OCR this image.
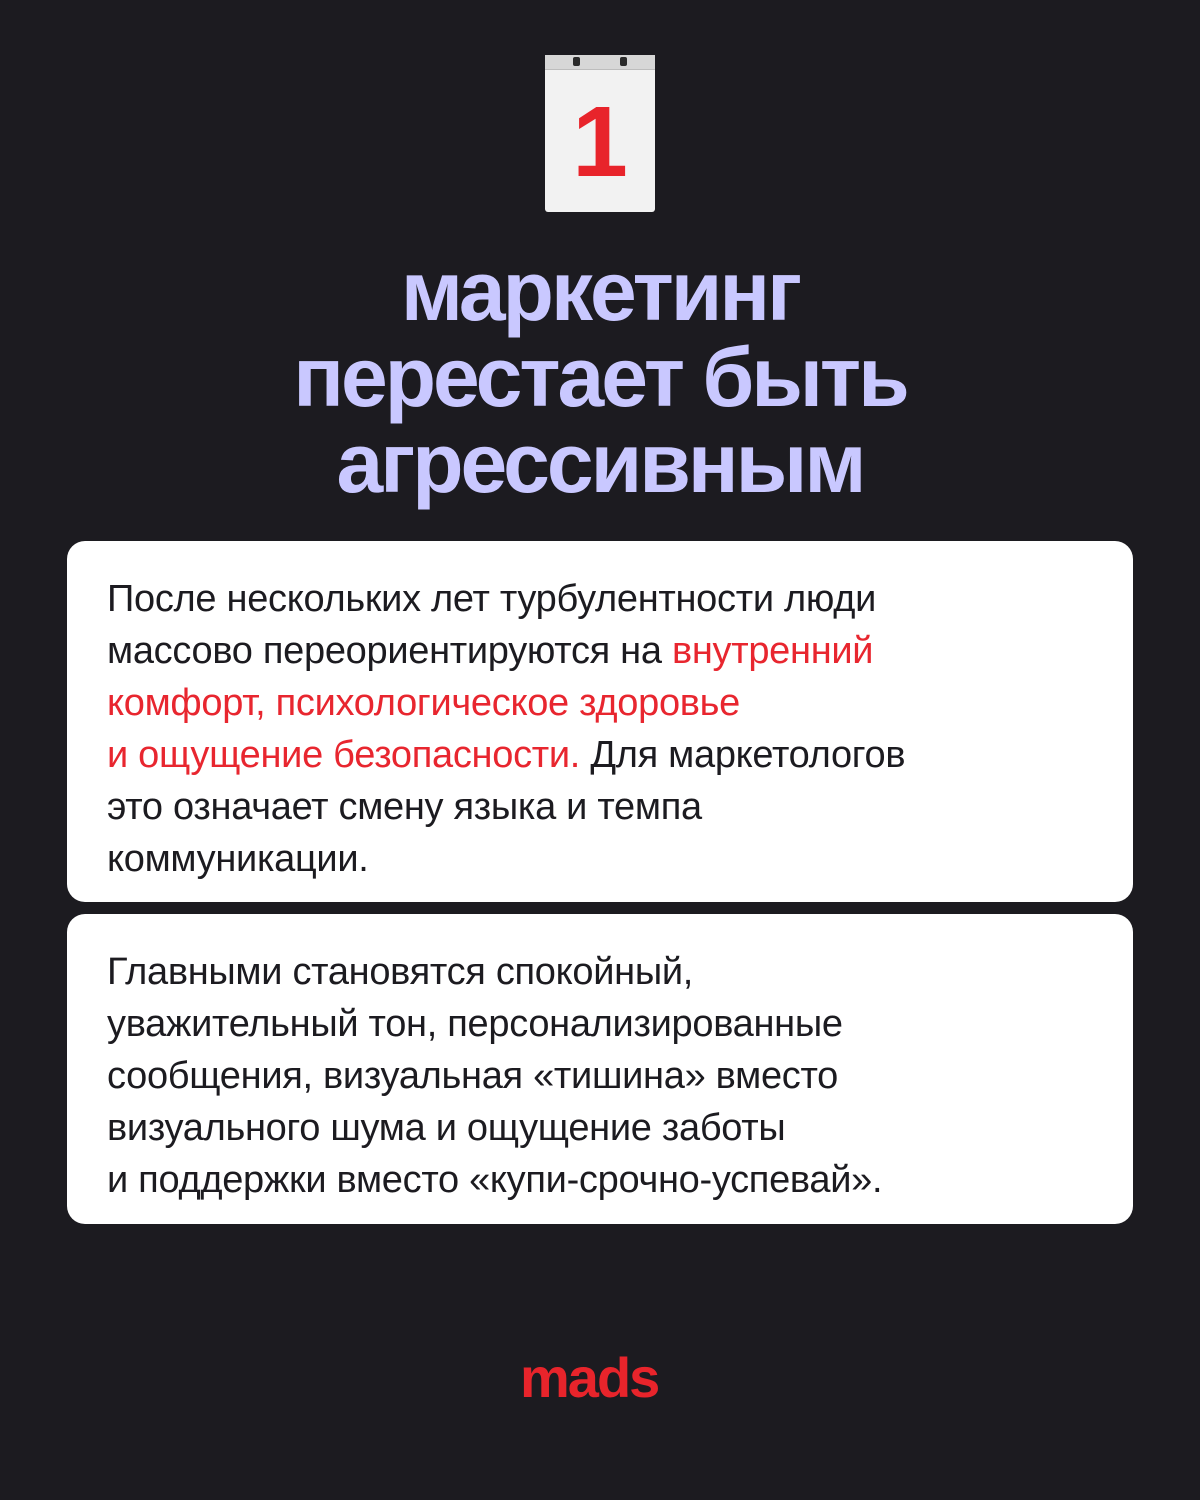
1
маркетинг
перестает быть
агрессивным

После нескольких лет турбулентности люди
массово переориентируются на внутренний
комфорт, психологическое здоровье
и ощущение безопасности. Для маркетологов
это означает смену языка и темпа
коммуникации.

Главными становятся спокойный,
уважительный тон, персонализированные
сообщения, визуальная «тишина» вместо
визуального шума и ощущение заботы
и поддержки вместо «купи-срочно-успевай».

mads
